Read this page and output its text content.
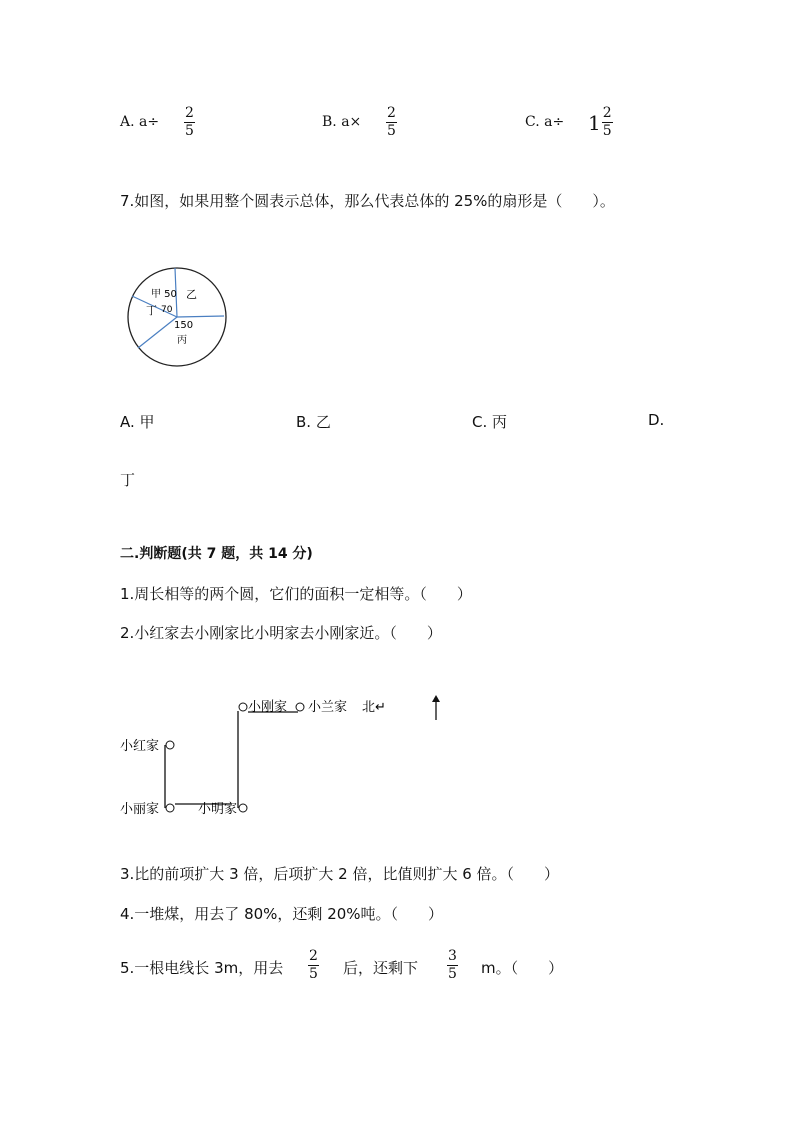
A. a÷
2
5
B. a×
2
5
C. $a\div 1 \frac{2}{5}$
7.如图，如果用整个圆表示总体，那么代表总体的 25%的扇形是（　　）。
甲 50 乙
丁 70
150
丙
A. 甲	B. 乙	C. 丙	D.
丁
二.判断题(共 7 题，共 14 分)
1.周长相等的两个圆，它们的面积一定相等。（　　）
2.小红家去小刚家比小明家去小刚家近。（　　）
小刚家 小兰家 北↵
小红家
小丽家	小明家
3.比的前项扩大 3 倍，后项扩大 2 倍，比值则扩大 6 倍。（　　）
4.一堆煤，用去了 80%，还剩 20%吨。（　　）
5.一根电线长 3m，用去
2
5 后，还剩下
3
5 m。（　　）
